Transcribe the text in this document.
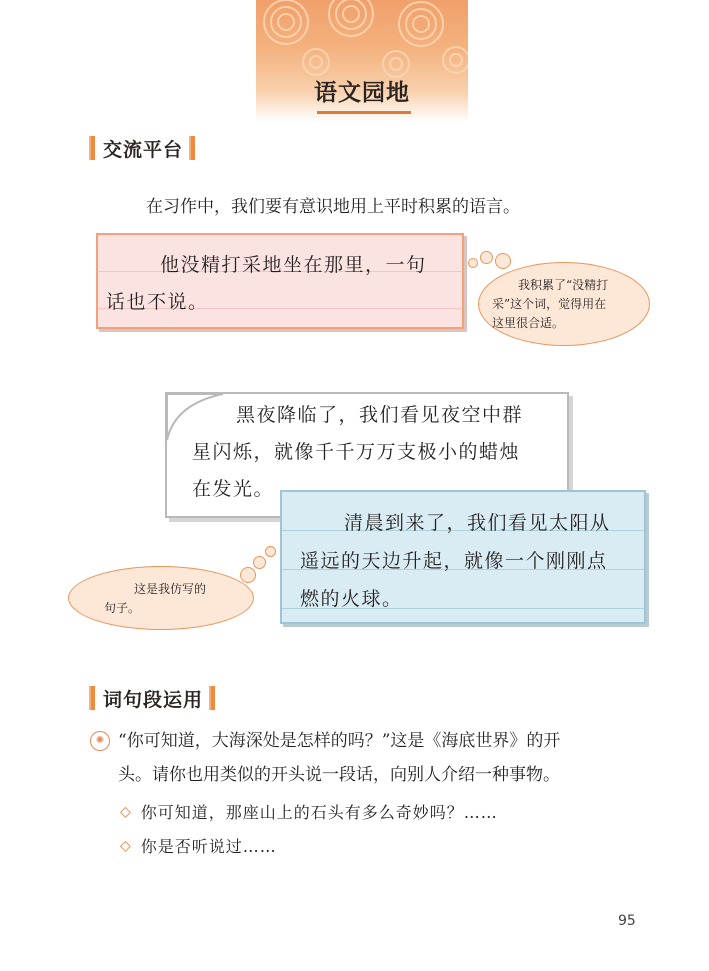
语文园地
交流平台
在习作中，我们要有意识地用上平时积累的语言。
他没精打采地坐在那里，一句
话也不说。
我积累了“没精打
采”这个词，觉得用在
这里很合适。
黑夜降临了，我们看见夜空中群
星闪烁，就像千千万万支极小的蜡烛
在发光。
清晨到来了，我们看见太阳从
遥远的天边升起，就像一个刚刚点
燃的火球。
这是我仿写的
句子。
词句段运用
✺ “你可知道，大海深处是怎样的吗？”这是《海底世界》的开
头。请你也用类似的开头说一段话，向别人介绍一种事物。
◇ 你可知道，那座山上的石头有多么奇妙吗？……
◇ 你是否听说过……
95
